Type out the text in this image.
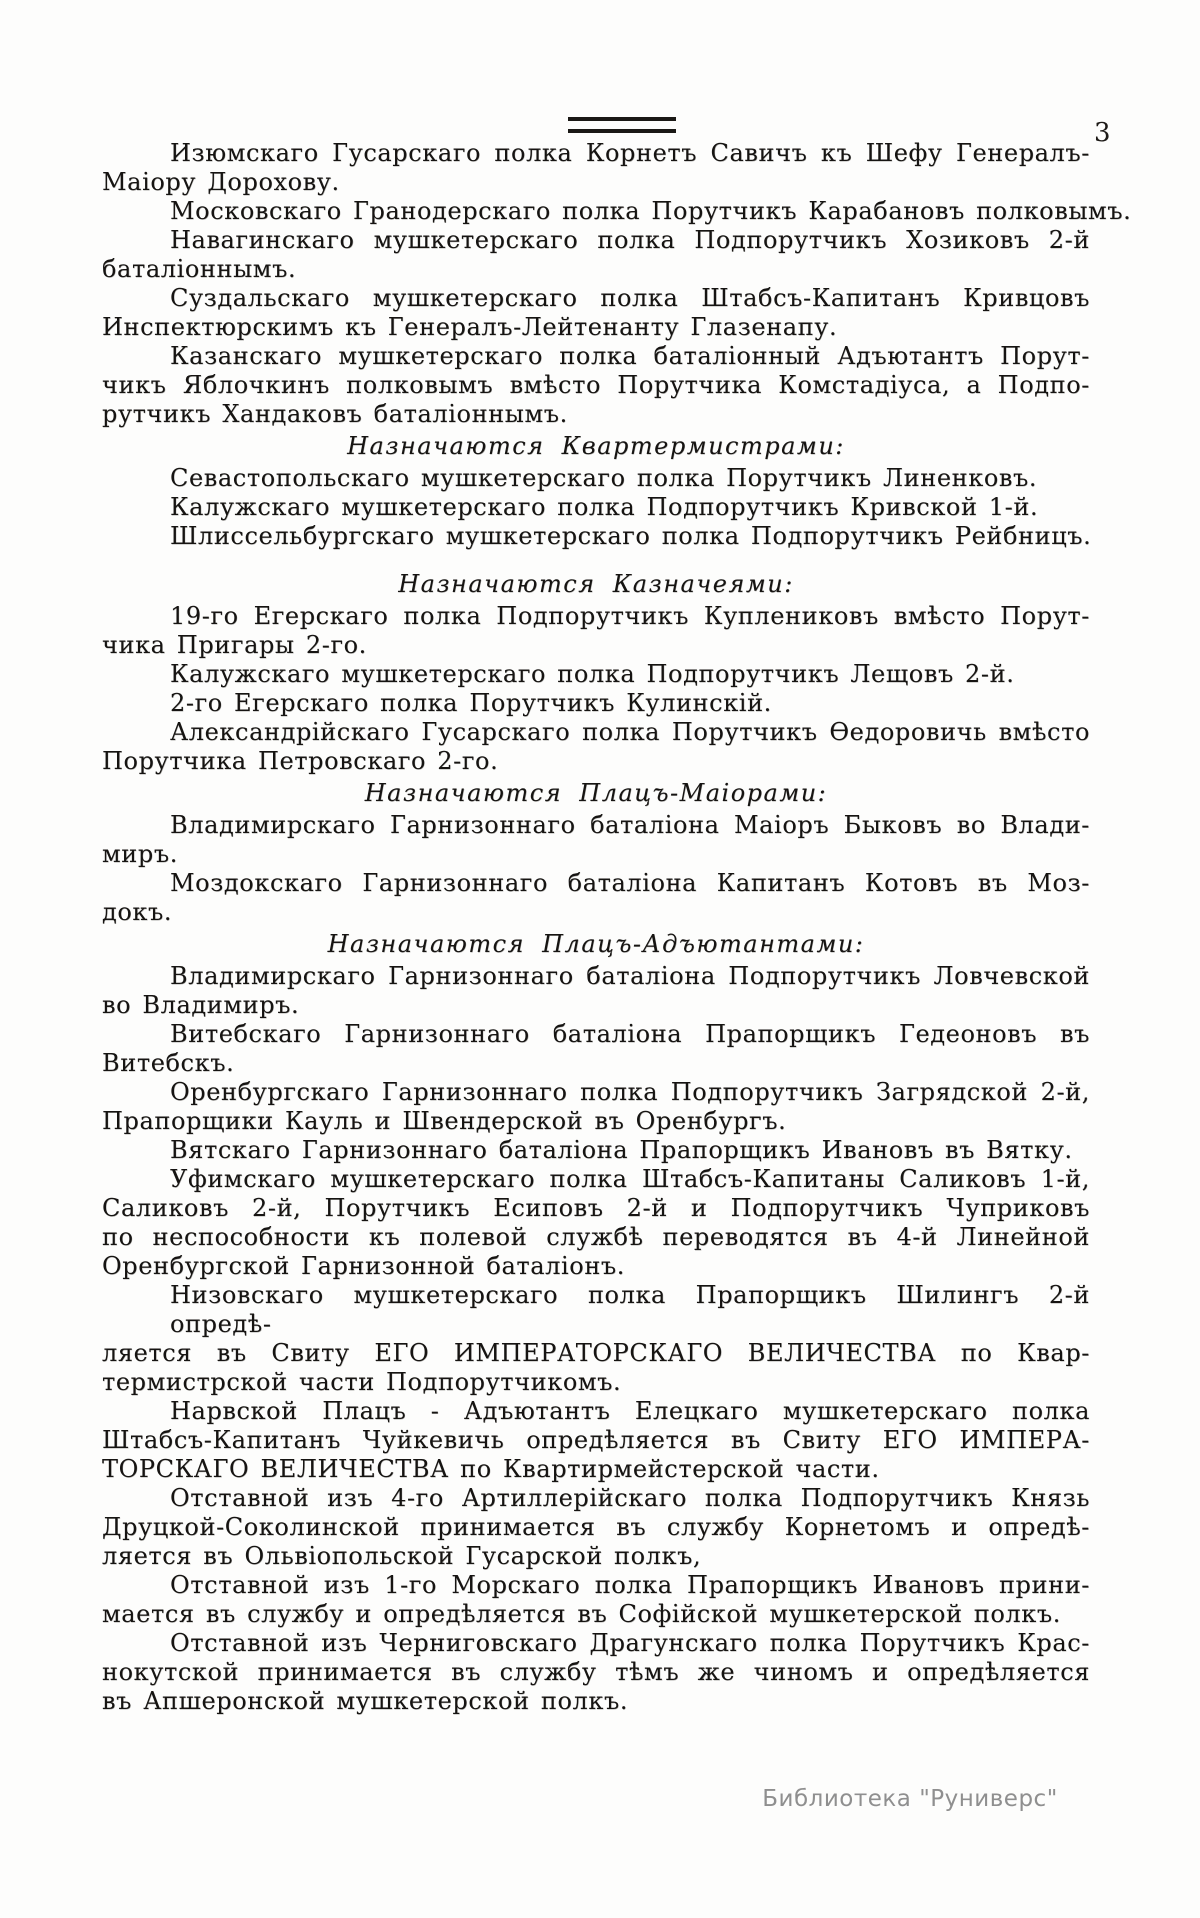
3
Изюмскаго Гусарскаго полка Корнетъ Савичъ къ Шефу Генералъ-
Маіору Дорохову.
Московскаго Гранодерскаго полка Порутчикъ Карабановъ полковымъ.
Навагинскаго мушкетерскаго полка Подпорутчикъ Хозиковъ 2-й
баталіоннымъ.
Суздальскаго мушкетерскаго полка Штабсъ-Капитанъ Кривцовъ
Инспектюрскимъ къ Генералъ-Лейтенанту Глазенапу.
Казанскаго мушкетерскаго полка баталіонный Адъютантъ Порут-
чикъ Яблочкинъ полковымъ вмѣсто Порутчика Комстадіуса, а Подпо-
рутчикъ Хандаковъ баталіоннымъ.
Назначаются Квартермистрами:
Севастопольскаго мушкетерскаго полка Порутчикъ Линенковъ.
Калужскаго мушкетерскаго полка Подпорутчикъ Кривской 1-й.
Шлиссельбургскаго мушкетерскаго полка Подпорутчикъ Рейбницъ.
Назначаются Казначеями:
19-го Егерскаго полка Подпорутчикъ Куплениковъ вмѣсто Порут-
чика Пригары 2-го.
Калужскаго мушкетерскаго полка Подпорутчикъ Лещовъ 2-й.
2-го Егерскаго полка Порутчикъ Кулинскій.
Александрійскаго Гусарскаго полка Порутчикъ Ѳедоровичь вмѣсто
Порутчика Петровскаго 2-го.
Назначаются Плацъ-Маіорами:
Владимирскаго Гарнизоннаго баталіона Маіоръ Быковъ во Влади-
миръ.
Моздокскаго Гарнизоннаго баталіона Капитанъ Котовъ въ Моз-
докъ.
Назначаются Плацъ-Адъютантами:
Владимирскаго Гарнизоннаго баталіона Подпорутчикъ Ловчевской
во Владимиръ.
Витебскаго Гарнизоннаго баталіона Прапорщикъ Гедеоновъ въ
Витебскъ.
Оренбургскаго Гарнизоннаго полка Подпорутчикъ Загрядской 2-й,
Прапорщики Кауль и Швендерской въ Оренбургъ.
Вятскаго Гарнизоннаго баталіона Прапорщикъ Ивановъ въ Вятку.
Уфимскаго мушкетерскаго полка Штабсъ-Капитаны Саликовъ 1-й,
Саликовъ 2-й, Порутчикъ Есиповъ 2-й и Подпорутчикъ Чуприковъ
по неспособности къ полевой службѣ переводятся въ 4-й Линейной
Оренбургской Гарнизонной баталіонъ.
Низовскаго мушкетерскаго полка Прапорщикъ Шилингъ 2-й опредѣ-
ляется въ Свиту ЕГО ИМПЕРАТОРСКАГО ВЕЛИЧЕСТВА по Квар-
термистрской части Подпорутчикомъ.
Нарвской Плацъ - Адъютантъ Елецкаго мушкетерскаго полка
Штабсъ-Капитанъ Чуйкевичь опредѣляется въ Свиту ЕГО ИМПЕРА-
ТОРСКАГО ВЕЛИЧЕСТВА по Квартирмейстерской части.
Отставной изъ 4-го Артиллерійскаго полка Подпорутчикъ Князь
Друцкой-Соколинской принимается въ службу Корнетомъ и опредѣ-
ляется въ Ольвіопольской Гусарской полкъ,
Отставной изъ 1-го Морскаго полка Прапорщикъ Ивановъ прини-
мается въ службу и опредѣляется въ Софійской мушкетерской полкъ.
Отставной изъ Черниговскаго Драгунскаго полка Порутчикъ Крас-
нокутской принимается въ службу тѣмъ же чиномъ и опредѣляется
въ Апшеронской мушкетерской полкъ.
Библиотека "Руниверс"
